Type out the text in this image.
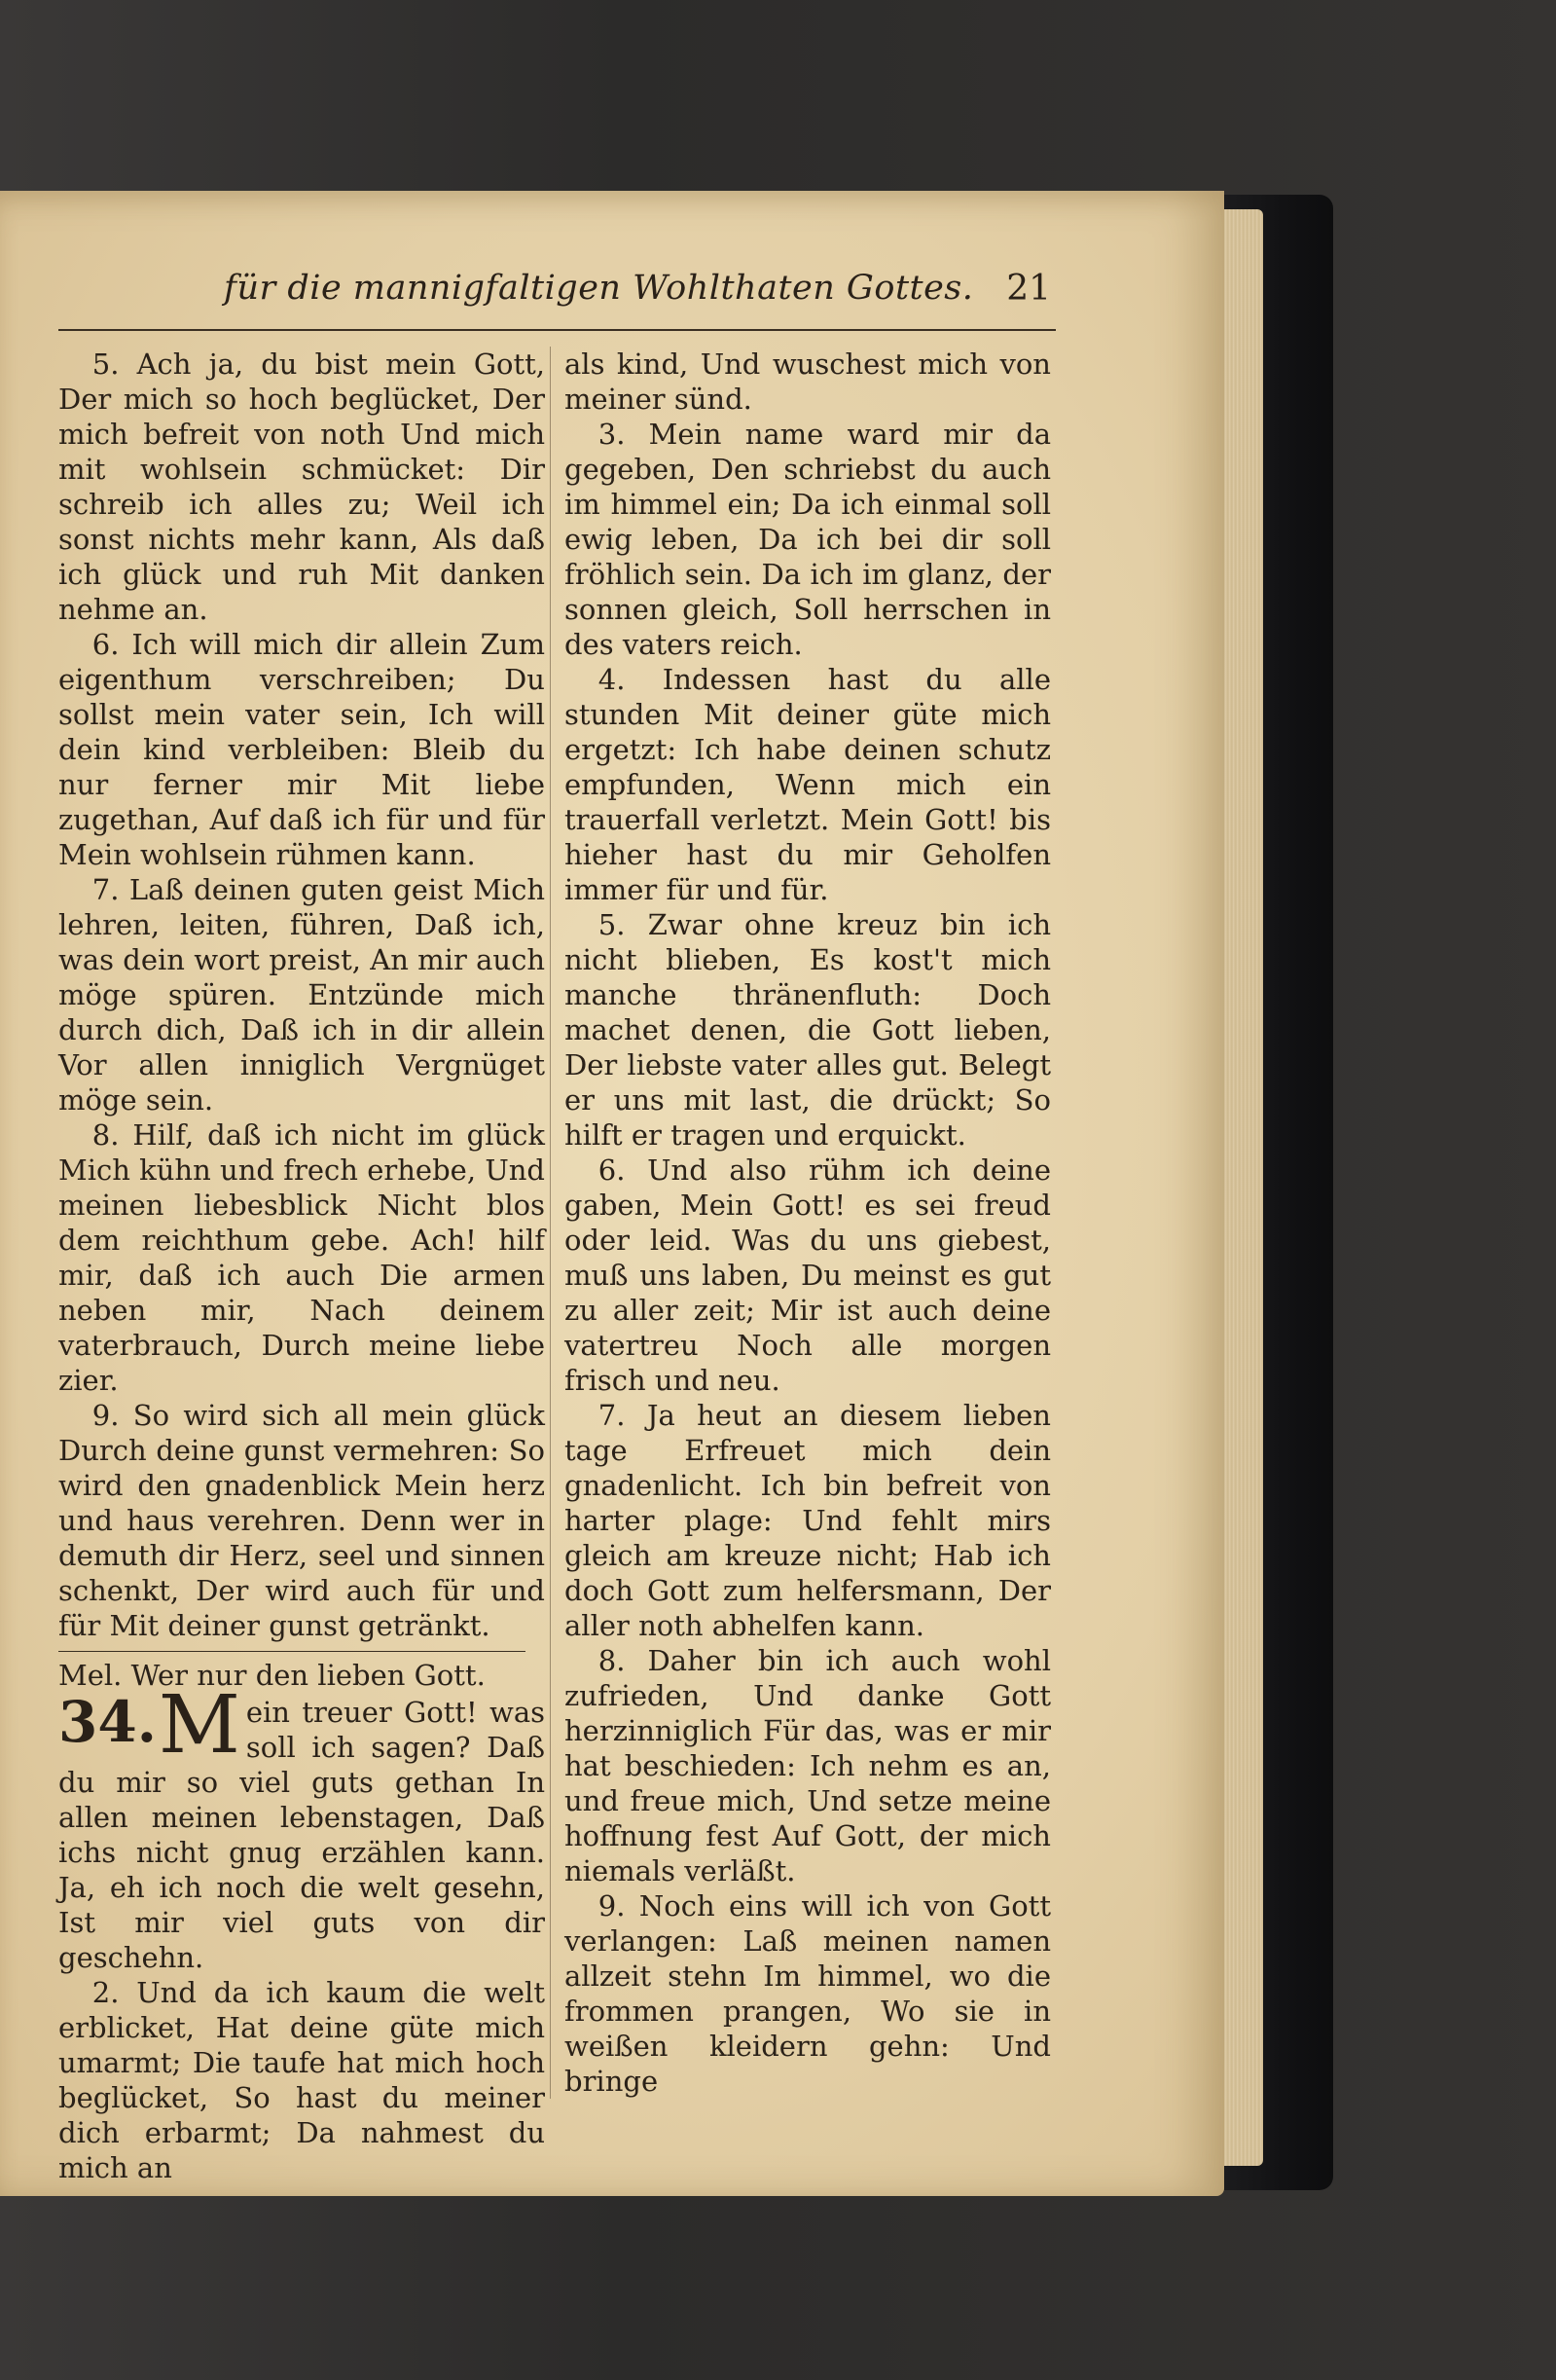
für die mannigfaltigen Wohlthaten Gottes. 21

5. Ach ja, du bist mein Gott, Der mich so hoch beglücket, Der mich befreit von noth Und mich mit wohlsein schmücket: Dir schreib ich alles zu; Weil ich sonst nichts mehr kann, Als daß ich glück und ruh Mit danken nehme an.

6. Ich will mich dir allein Zum eigenthum verschreiben; Du sollst mein vater sein, Ich will dein kind verbleiben: Bleib du nur ferner mir Mit liebe zugethan, Auf daß ich für und für Mein wohlsein rühmen kann.

7. Laß deinen guten geist Mich lehren, leiten, führen, Daß ich, was dein wort preist, An mir auch möge spüren. Entzünde mich durch dich, Daß ich in dir allein Vor allen inniglich Vergnüget möge sein.

8. Hilf, daß ich nicht im glück Mich kühn und frech erhebe, Und meinen liebesblick Nicht blos dem reichthum gebe. Ach! hilf mir, daß ich auch Die armen neben mir, Nach deinem vaterbrauch, Durch meine liebe zier.

9. So wird sich all mein glück Durch deine gunst vermehren: So wird den gnadenblick Mein herz und haus verehren. Denn wer in demuth dir Herz, seel und sinnen schenkt, Der wird auch für und für Mit deiner gunst getränkt.

Mel. Wer nur den lieben Gott.

34. M ein treuer Gott! was soll ich sagen? Daß du mir so viel guts gethan In allen meinen lebenstagen, Daß ichs nicht gnug erzählen kann. Ja, eh ich noch die welt gesehn, Ist mir viel guts von dir geschehn.

2. Und da ich kaum die welt erblicket, Hat deine güte mich umarmt; Die taufe hat mich hoch beglücket, So hast du meiner dich erbarmt; Da nahmest du mich an

als kind, Und wuschest mich von meiner sünd.

3. Mein name ward mir da gegeben, Den schriebst du auch im himmel ein; Da ich einmal soll ewig leben, Da ich bei dir soll fröhlich sein. Da ich im glanz, der sonnen gleich, Soll herrschen in des vaters reich.

4. Indessen hast du alle stunden Mit deiner güte mich ergetzt: Ich habe deinen schutz empfunden, Wenn mich ein trauerfall verletzt. Mein Gott! bis hieher hast du mir Geholfen immer für und für.

5. Zwar ohne kreuz bin ich nicht blieben, Es kost't mich manche thränenfluth: Doch machet denen, die Gott lieben, Der liebste vater alles gut. Belegt er uns mit last, die drückt; So hilft er tragen und erquickt.

6. Und also rühm ich deine gaben, Mein Gott! es sei freud oder leid. Was du uns giebest, muß uns laben, Du meinst es gut zu aller zeit; Mir ist auch deine vatertreu Noch alle morgen frisch und neu.

7. Ja heut an diesem lieben tage Erfreuet mich dein gnadenlicht. Ich bin befreit von harter plage: Und fehlt mirs gleich am kreuze nicht; Hab ich doch Gott zum helfersmann, Der aller noth abhelfen kann.

8. Daher bin ich auch wohl zufrieden, Und danke Gott herzinniglich Für das, was er mir hat beschieden: Ich nehm es an, und freue mich, Und setze meine hoffnung fest Auf Gott, der mich niemals verläßt.

9. Noch eins will ich von Gott verlangen: Laß meinen namen allzeit stehn Im himmel, wo die frommen prangen, Wo sie in weißen kleidern gehn: Und bringe
